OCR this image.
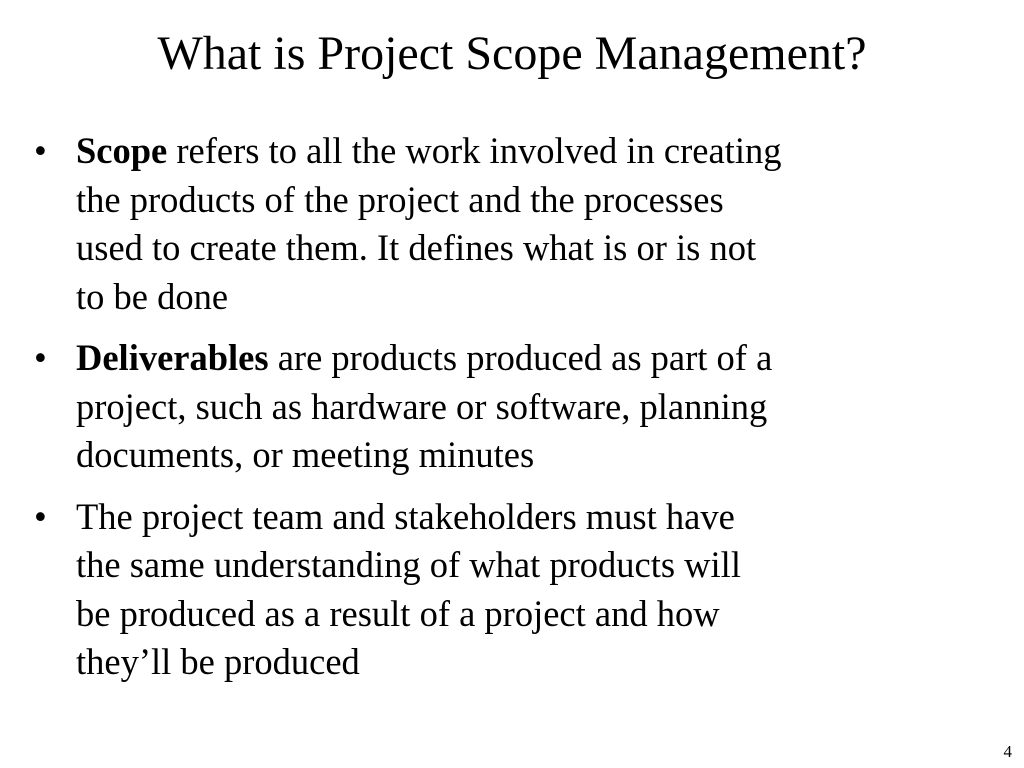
What is Project Scope Management?
• Scope refers to all the work involved in creating
the products of the project and the processes
used to create them. It defines what is or is not
to be done
• Deliverables are products produced as part of a
project, such as hardware or software, planning
documents, or meeting minutes
• The project team and stakeholders must have
the same understanding of what products will
be produced as a result of a project and how
they’ll be produced
4
